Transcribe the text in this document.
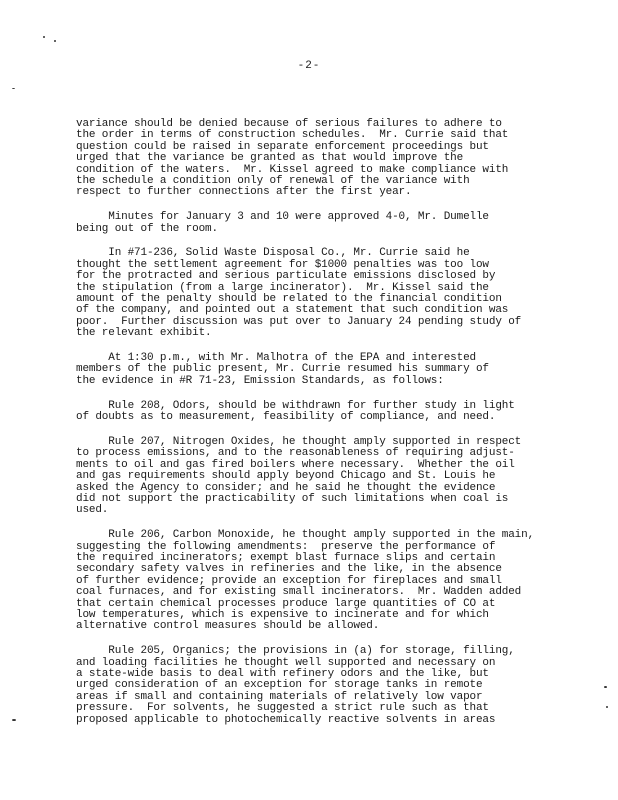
-2-
variance should be denied because of serious failures to adhere to
the order in terms of construction schedules.  Mr. Currie said that
question could be raised in separate enforcement proceedings but
urged that the variance be granted as that would improve the
condition of the waters.  Mr. Kissel agreed to make compliance with
the schedule a condition only of renewal of the variance with
respect to further connections after the first year.
Minutes for January 3 and 10 were approved 4-0, Mr. Dumelle
being out of the room.
In #71-236, Solid Waste Disposal Co., Mr. Currie said he
thought the settlement agreement for $1000 penalties was too low
for the protracted and serious particulate emissions disclosed by
the stipulation (from a large incinerator).  Mr. Kissel said the
amount of the penalty should be related to the financial condition
of the company, and pointed out a statement that such condition was
poor.  Further discussion was put over to January 24 pending study of
the relevant exhibit.
At 1:30 p.m., with Mr. Malhotra of the EPA and interested
members of the public present, Mr. Currie resumed his summary of
the evidence in #R 71-23, Emission Standards, as follows:
Rule 208, Odors, should be withdrawn for further study in light
of doubts as to measurement, feasibility of compliance, and need.
Rule 207, Nitrogen Oxides, he thought amply supported in respect
to process emissions, and to the reasonableness of requiring adjust-
ments to oil and gas fired boilers where necessary.  Whether the oil
and gas requirements should apply beyond Chicago and St. Louis he
asked the Agency to consider; and he said he thought the evidence
did not support the practicability of such limitations when coal is
used.
Rule 206, Carbon Monoxide, he thought amply supported in the main,
suggesting the following amendments:  preserve the performance of
the required incinerators; exempt blast furnace slips and certain
secondary safety valves in refineries and the like, in the absence
of further evidence; provide an exception for fireplaces and small
coal furnaces, and for existing small incinerators.  Mr. Wadden added
that certain chemical processes produce large quantities of CO at
low temperatures, which is expensive to incinerate and for which
alternative control measures should be allowed.
Rule 205, Organics; the provisions in (a) for storage, filling,
and loading facilities he thought well supported and necessary on
a state-wide basis to deal with refinery odors and the like, but
urged consideration of an exception for storage tanks in remote
areas if small and containing materials of relatively low vapor
pressure.  For solvents, he suggested a strict rule such as that
proposed applicable to photochemically reactive solvents in areas
